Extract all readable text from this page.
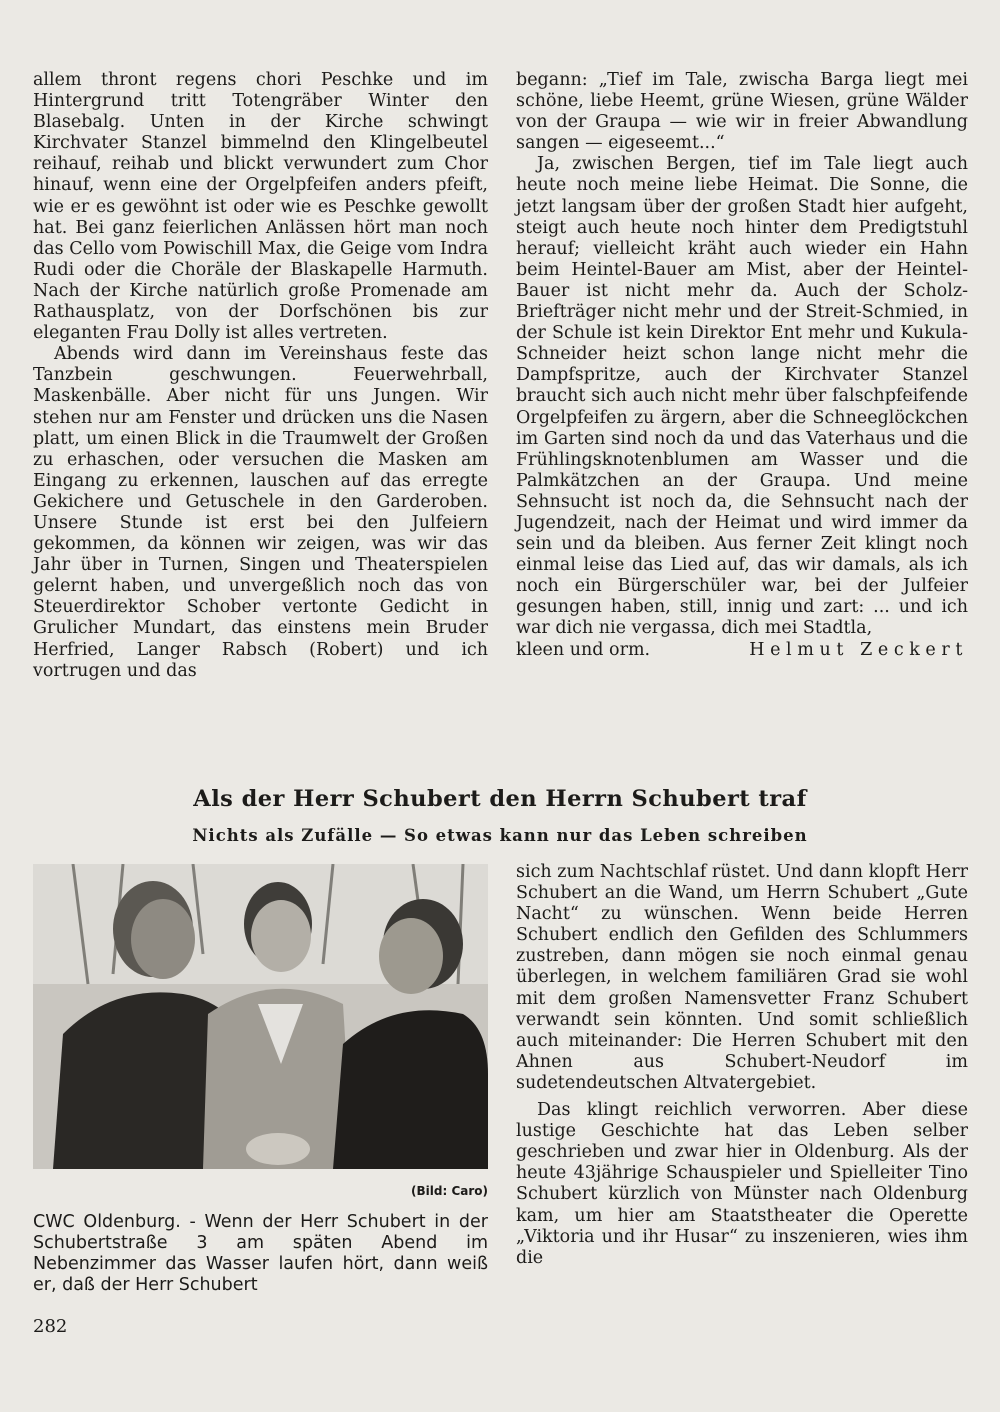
allem thront regens chori Peschke und im Hintergrund tritt Totengräber Winter den Blasebalg. Unten in der Kirche schwingt Kirchvater Stanzel bimmelnd den Klingelbeutel reihauf, reihab und blickt verwundert zum Chor hinauf, wenn eine der Orgelpfeifen anders pfeift, wie er es gewöhnt ist oder wie es Peschke gewollt hat. Bei ganz feierlichen Anlässen hört man noch das Cello vom Powischill Max, die Geige vom Indra Rudi oder die Choräle der Blaskapelle Harmuth. Nach der Kirche natürlich große Promenade am Rathausplatz, von der Dorfschönen bis zur eleganten Frau Dolly ist alles vertreten.

Abends wird dann im Vereinshaus feste das Tanzbein geschwungen. Feuerwehrball, Maskenbälle. Aber nicht für uns Jungen. Wir stehen nur am Fenster und drücken uns die Nasen platt, um einen Blick in die Traumwelt der Großen zu erhaschen, oder versuchen die Masken am Eingang zu erkennen, lauschen auf das erregte Gekichere und Getuschele in den Garderoben. Unsere Stunde ist erst bei den Julfeiern gekommen, da können wir zeigen, was wir das Jahr über in Turnen, Singen und Theaterspielen gelernt haben, und unvergeßlich noch das von Steuerdirektor Schober vertonte Gedicht in Grulicher Mundart, das einstens mein Bruder Herfried, Langer Rabsch (Robert) und ich vortrugen und das

begann: „Tief im Tale, zwischa Barga liegt mei schöne, liebe Heemt, grüne Wiesen, grüne Wälder von der Graupa — wie wir in freier Abwandlung sangen — eigeseemt...“

Ja, zwischen Bergen, tief im Tale liegt auch heute noch meine liebe Heimat. Die Sonne, die jetzt langsam über der großen Stadt hier aufgeht, steigt auch heute noch hinter dem Predigtstuhl herauf; vielleicht kräht auch wieder ein Hahn beim Heintel-Bauer am Mist, aber der Heintel-Bauer ist nicht mehr da. Auch der Scholz-Briefträger nicht mehr und der Streit-Schmied, in der Schule ist kein Direktor Ent mehr und Kukula-Schneider heizt schon lange nicht mehr die Dampfspritze, auch der Kirchvater Stanzel braucht sich auch nicht mehr über falschpfeifende Orgelpfeifen zu ärgern, aber die Schneeglöckchen im Garten sind noch da und das Vaterhaus und die Frühlingsknotenblumen am Wasser und die Palmkätzchen an der Graupa. Und meine Sehnsucht ist noch da, die Sehnsucht nach der Jugendzeit, nach der Heimat und wird immer da sein und da bleiben. Aus ferner Zeit klingt noch einmal leise das Lied auf, das wir damals, als ich noch ein Bürgerschüler war, bei der Julfeier gesungen haben, still, innig und zart: ... und ich war dich nie vergassa, dich mei Stadtla,

kleen und orm.	Helmut Zeckert
Als der Herr Schubert den Herrn Schubert traf
Nichts als Zufälle — So etwas kann nur das Leben schreiben

(Bild: Caro)

CWC Oldenburg. - Wenn der Herr Schubert in der Schubertstraße 3 am späten Abend im Nebenzimmer das Wasser laufen hört, dann weiß er, daß der Herr Schubert

sich zum Nachtschlaf rüstet. Und dann klopft Herr Schubert an die Wand, um Herrn Schubert „Gute Nacht“ zu wünschen. Wenn beide Herren Schubert endlich den Gefilden des Schlummers zustreben, dann mögen sie noch einmal genau überlegen, in welchem familiären Grad sie wohl mit dem großen Namensvetter Franz Schubert verwandt sein könnten. Und somit schließlich auch miteinander: Die Herren Schubert mit den Ahnen aus Schubert-Neudorf im sudetendeutschen Altvatergebiet.

Das klingt reichlich verworren. Aber diese lustige Geschichte hat das Leben selber geschrieben und zwar hier in Oldenburg. Als der heute 43jährige Schauspieler und Spielleiter Tino Schubert kürzlich von Münster nach Oldenburg kam, um hier am Staatstheater die Operette „Viktoria und ihr Husar“ zu inszenieren, wies ihm die

282
